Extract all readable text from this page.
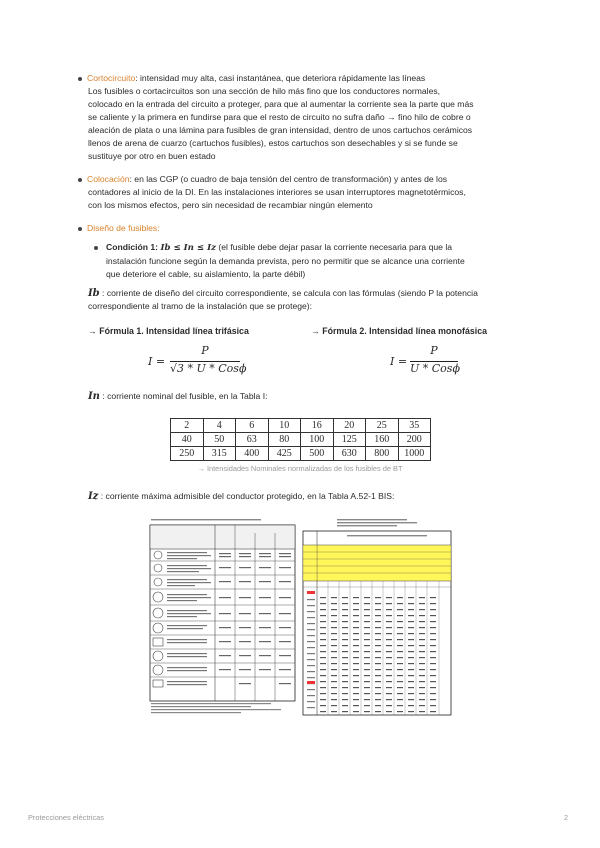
Cortocircuito: intensidad muy alta, casi instantánea, que deteriora rápidamente las líneas
Los fusibles o cortacircuitos son una sección de hilo más fino que los conductores normales,
colocado en la entrada del circuito a proteger, para que al aumentar la corriente sea la parte que más
se caliente y la primera en fundirse para que el resto de circuito no sufra daño → fino hilo de cobre o
aleación de plata o una lámina para fusibles de gran intensidad, dentro de unos cartuchos cerámicos
llenos de arena de cuarzo (cartuchos fusibles), estos cartuchos son desechables y si se funde se
sustituye por otro en buen estado
Colocación: en las CGP (o cuadro de baja tensión del centro de transformación) y antes de los
contadores al inicio de la DI. En las instalaciones interiores se usan interruptores magnetotérmicos,
con los mismos efectos, pero sin necesidad de recambiar ningún elemento
Diseño de fusibles:
Condición 1: Ib ≤ In ≤ Iz (el fusible debe dejar pasar la corriente necesaria para que la
instalación funcione según la demanda prevista, pero no permitir que se alcance una corriente
que deteriore el cable, su aislamiento, la parte débil)
Ib : corriente de diseño del circuito correspondiente, se calcula con las fórmulas (siendo P la potencia
correspondiente al tramo de la instalación que se protege):
→ Fórmula 1. Intensidad línea trifásica	→ Fórmula 2. Intensidad línea monofásica
I =
P
√3 * U * Cosϕ
I =
P
U * Cosϕ
In : corriente nominal del fusible, en la Tabla I:
2	4	6	10	16	20	25	35
40	50	63	80	100	125	160	200
250	315	400	425	500	630	800	1000
→ Intensidades Nominales normalizadas de los fusibles de BT
Iz : corriente máxima admisible del conductor protegido, en la Tabla A.52-1 BIS:
Protecciones eléctricas	2
